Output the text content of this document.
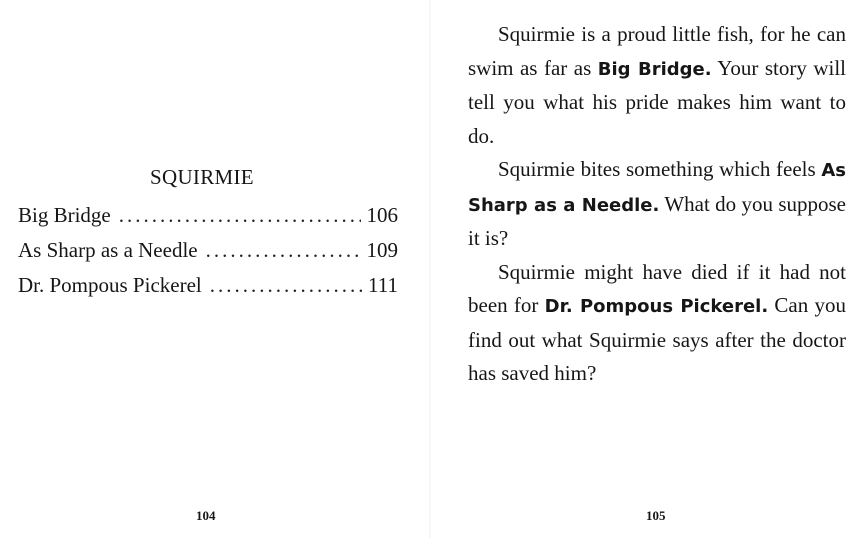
SQUIRMIE
Big Bridge .....	106
As Sharp as a Needle .....	109
Dr. Pompous Pickerel .....	111
104

Squirmie is a proud little fish, for he can swim as far as Big Bridge. Your story will tell you what his pride makes him want to do.

Squirmie bites something which feels As Sharp as a Needle. What do you suppose it is?

Squirmie might have died if it had not been for Dr. Pompous Pickerel. Can you find out what Squirmie says after the doctor has saved him?

105
